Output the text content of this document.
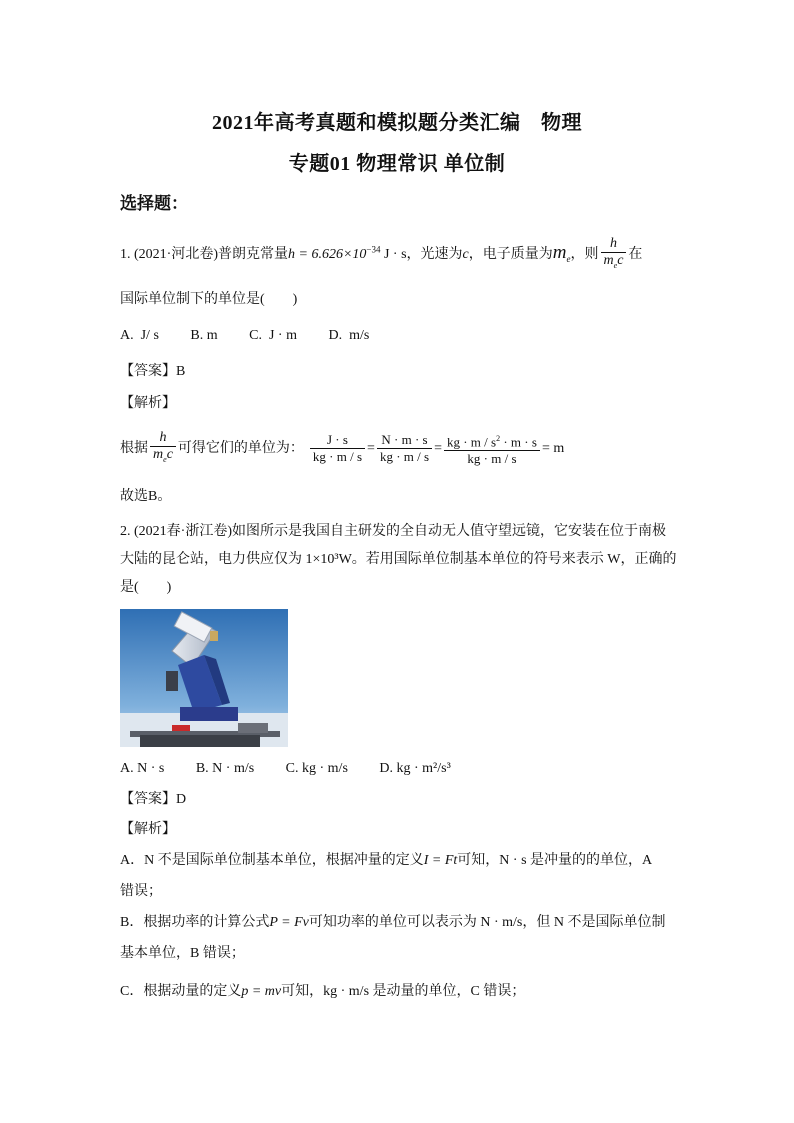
2021年高考真题和模拟题分类汇编　物理
专题01 物理常识 单位制
选择题：
1. (2021·河北卷)普朗克常量$h = 6.626\times 10^{-34}$ J · s，光速为c，电子质量为$m_e$，则 $\frac{h}{m_ec}$ 在
国际单位制下的单位是(　　)
A.  J/ s　　 B. m　　 C.  J · m　　 D.  m/s
【答案】B
【解析】
根据 $\frac{h}{m_ec}$ 可得它们的单位为： $\frac{J \cdot s}{kg \cdot m / s} = \frac{N \cdot m \cdot s}{kg \cdot m / s} = \frac{kg \cdot m / s^2 \cdot m \cdot s}{kg \cdot m / s} = m$
故选B。
2. (2021春·浙江卷)如图所示是我国自主研发的全自动无人值守望远镜，它安装在位于南极
大陆的昆仑站，电力供应仅为 1×10³W。若用国际单位制基本单位的符号来表示 W，正确的
是(　　)
A. N · s　　 B. N · m/s　　 C. kg · m/s　　 D. kg · m²/s³
【答案】D
【解析】
A．N 不是国际单位制基本单位，根据冲量的定义I = Ft可知，N · s 是冲量的的单位，A
错误；
B．根据功率的计算公式P = Fv可知功率的单位可以表示为 N · m/s，但 N 不是国际单位制
基本单位，B 错误；
C．根据动量的定义p = mv可知，kg · m/s 是动量的单位，C 错误；
